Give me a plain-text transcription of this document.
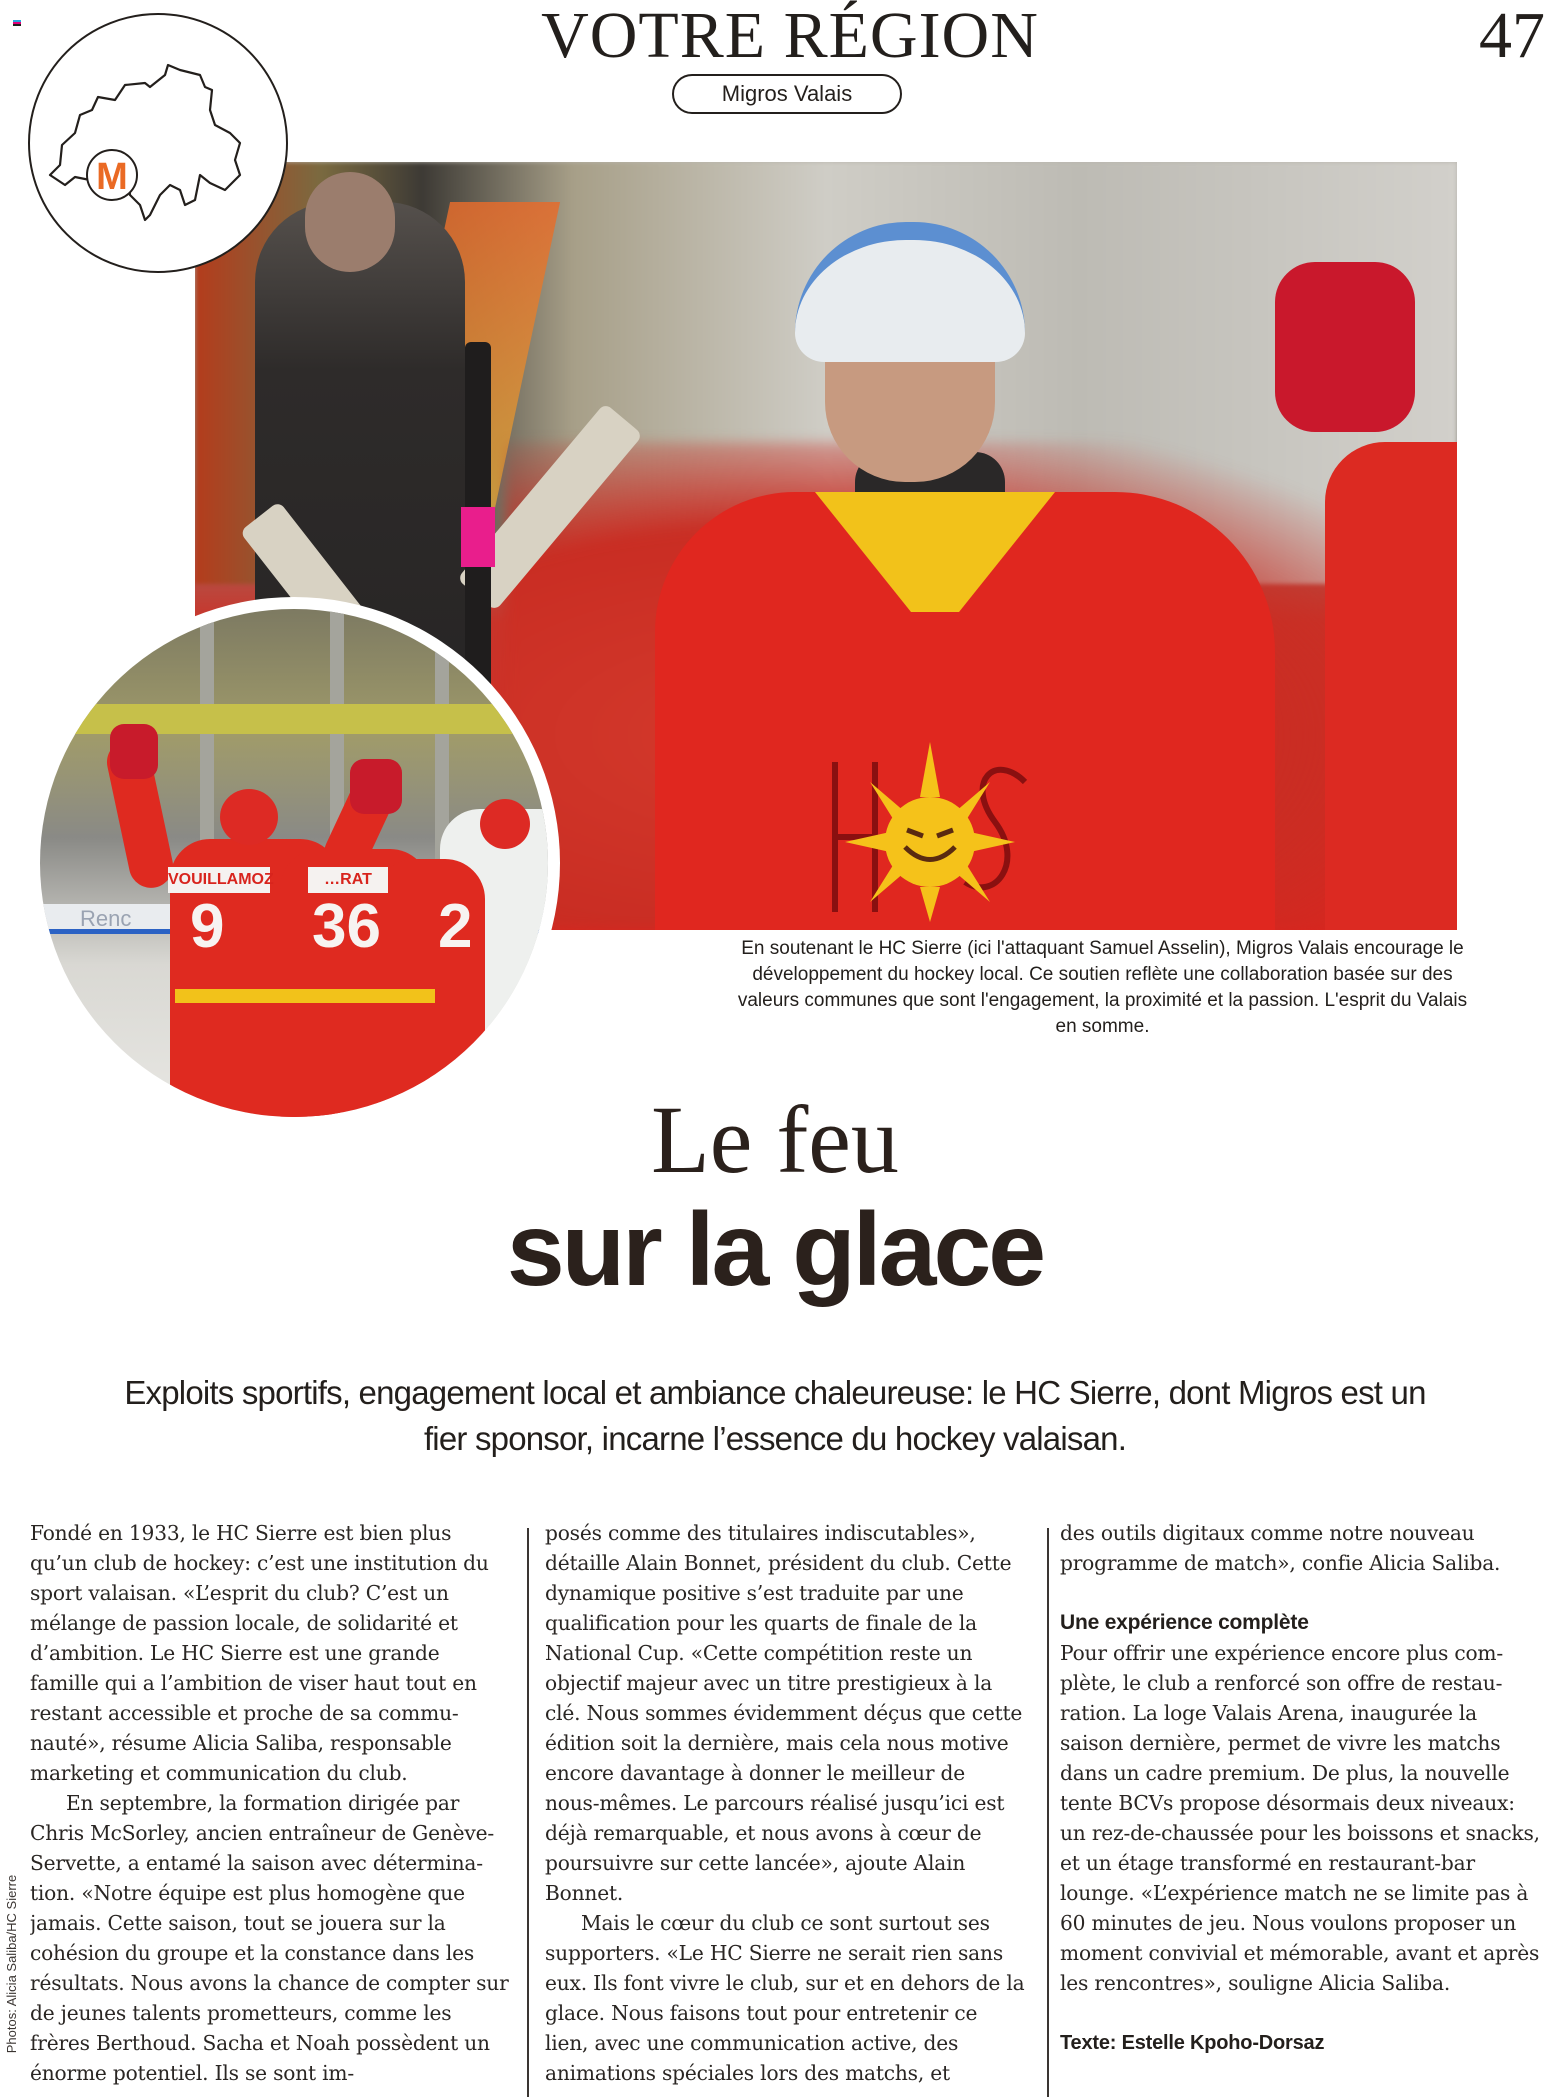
VOTRE RÉGION	47
Migros Valais
M
Renc
VOUILLAMOZ	…RAT
9 36 2	En soutenant le HC Sierre (ici l'attaquant Samuel Asselin), Migros Valais encourage le développement du hockey local. Ce soutien reflète une collaboration basée sur des valeurs communes que sont l'engagement, la proximité et la passion. L'esprit du Valais en somme.
Le feu
sur la glace

Exploits sportifs, engagement local et ambiance chaleureuse: le HC Sierre, dont Migros est un fier sponsor, incarne l’essence du hockey valaisan.

Fondé en 1933, le HC Sierre est bien plus qu’un club de hockey: c’est une institution du sport valaisan. «L’esprit du club? C’est un mélange de passion locale, de solidarité et d’ambition. Le HC Sierre est une grande famille qui a l’ambition de viser haut tout en restant accessible et proche de sa communauté», résume Alicia Saliba, responsable marketing et communication du club.

En septembre, la formation dirigée par Chris McSorley, ancien entraîneur de Genève-Servette, a entamé la saison avec détermination. «Notre équipe est plus homogène que jamais. Cette saison, tout se jouera sur la cohésion du groupe et la constance dans les résultats. Nous avons la chance de compter sur de jeunes talents prometteurs, comme les frères Berthoud. Sacha et Noah possèdent un énorme potentiel. Ils se sont im-

posés comme des titulaires indiscutables», détaille Alain Bonnet, président du club. Cette dynamique positive s’est traduite par une qualification pour les quarts de finale de la National Cup. «Cette compétition reste un objectif majeur avec un titre prestigieux à la clé. Nous sommes évidemment déçus que cette édition soit la dernière, mais cela nous motive encore davantage à donner le meilleur de nous-mêmes. Le parcours réalisé jusqu’ici est déjà remarquable, et nous avons à cœur de poursuivre sur cette lancée», ajoute Alain Bonnet.

Mais le cœur du club ce sont surtout ses supporters. «Le HC Sierre ne serait rien sans eux. Ils font vivre le club, sur et en dehors de la glace. Nous faisons tout pour entretenir ce lien, avec une communication active, des animations spéciales lors des matchs, et

des outils digitaux comme notre nouveau programme de match», confie Alicia Saliba.

Une expérience complète

Pour offrir une expérience encore plus complète, le club a renforcé son offre de restauration. La loge Valais Arena, inaugurée la saison dernière, permet de vivre les matchs dans un cadre premium. De plus, la nouvelle tente BCVs propose désormais deux niveaux: un rez-de-chaussée pour les boissons et snacks, et un étage transformé en restaurant-bar lounge. «L’expérience match ne se limite pas à 60 minutes de jeu. Nous voulons proposer un moment convivial et mémorable, avant et après les rencontres», souligne Alicia Saliba.

Texte: Estelle Kpoho-Dorsaz

Photos: Alicia Saliba/HC Sierre
